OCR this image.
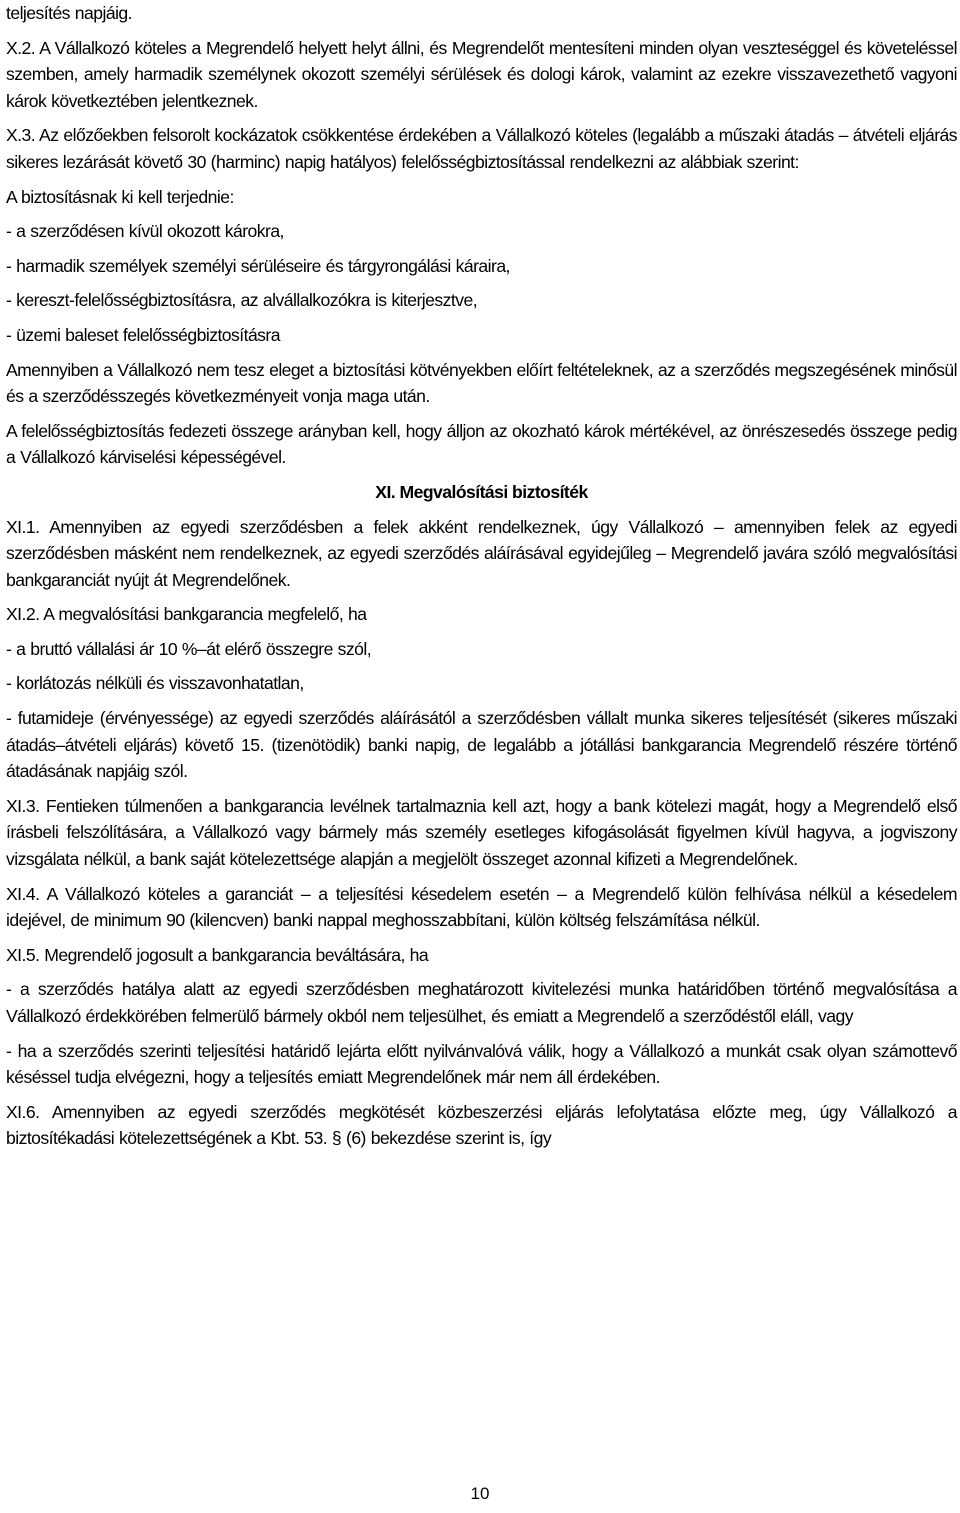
teljesítés napjáig.

X.2. A Vállalkozó köteles a Megrendelő helyett helyt állni, és Megrendelőt mentesíteni minden olyan veszteséggel és követeléssel szemben, amely harmadik személynek okozott személyi sérülések és dologi károk, valamint az ezekre visszavezethető vagyoni károk következtében jelentkeznek.

X.3. Az előzőekben felsorolt kockázatok csökkentése érdekében a Vállalkozó köteles (legalább a műszaki átadás – átvételi eljárás sikeres lezárását követő 30 (harminc) napig hatályos) felelősségbiztosítással rendelkezni az alábbiak szerint:

A biztosításnak ki kell terjednie:

- a szerződésen kívül okozott károkra,

- harmadik személyek személyi sérüléseire és tárgyrongálási káraira,

- kereszt-felelősségbiztosításra, az alvállalkozókra is kiterjesztve,

- üzemi baleset felelősségbiztosításra

Amennyiben a Vállalkozó nem tesz eleget a biztosítási kötvényekben előírt feltételeknek, az a szerződés megszegésének minősül és a szerződésszegés következményeit vonja maga után.

A felelősségbiztosítás fedezeti összege arányban kell, hogy álljon az okozható károk mértékével, az önrészesedés összege pedig a Vállalkozó kárviselési képességével.

XI. Megvalósítási biztosíték

XI.1. Amennyiben az egyedi szerződésben a felek akként rendelkeznek, úgy Vállalkozó – amennyiben felek az egyedi szerződésben másként nem rendelkeznek, az egyedi szerződés aláírásával egyidejűleg – Megrendelő javára szóló megvalósítási bankgaranciát nyújt át Megrendelőnek.

XI.2. A megvalósítási bankgarancia megfelelő, ha

- a bruttó vállalási ár 10 %–át elérő összegre szól,

- korlátozás nélküli és visszavonhatatlan,

- futamideje (érvényessége) az egyedi szerződés aláírásától a szerződésben vállalt munka sikeres teljesítését (sikeres műszaki átadás–átvételi eljárás) követő 15. (tizenötödik) banki napig, de legalább a jótállási bankgarancia Megrendelő részére történő átadásának napjáig szól.

XI.3. Fentieken túlmenően a bankgarancia levélnek tartalmaznia kell azt, hogy a bank kötelezi magát, hogy a Megrendelő első írásbeli felszólítására, a Vállalkozó vagy bármely más személy esetleges kifogásolását figyelmen kívül hagyva, a jogviszony vizsgálata nélkül, a bank saját kötelezettsége alapján a megjelölt összeget azonnal kifizeti a Megrendelőnek.

XI.4. A Vállalkozó köteles a garanciát – a teljesítési késedelem esetén – a Megrendelő külön felhívása nélkül a késedelem idejével, de minimum 90 (kilencven) banki nappal meghosszabbítani, külön költség felszámítása nélkül.

XI.5. Megrendelő jogosult a bankgarancia beváltására, ha

- a szerződés hatálya alatt az egyedi szerződésben meghatározott kivitelezési munka határidőben történő megvalósítása a Vállalkozó érdekkörében felmerülő bármely okból nem teljesülhet, és emiatt a Megrendelő a szerződéstől eláll, vagy

- ha a szerződés szerinti teljesítési határidő lejárta előtt nyilvánvalóvá válik, hogy a Vállalkozó a munkát csak olyan számottevő késéssel tudja elvégezni, hogy a teljesítés emiatt Megrendelőnek már nem áll érdekében.

XI.6. Amennyiben az egyedi szerződés megkötését közbeszerzési eljárás lefolytatása előzte meg, úgy Vállalkozó a biztosítékadási kötelezettségének a Kbt. 53. § (6) bekezdése szerint is, így

10
